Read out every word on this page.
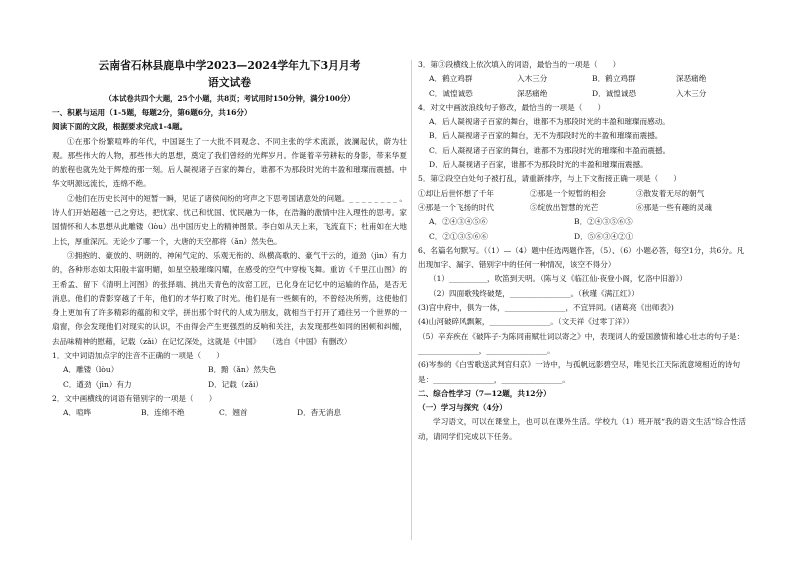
云南省石林县鹿阜中学2023—2024学年九下3月月考
语文试卷
（本试卷共四个大题，25个小题，共8页；考试用时150分钟，满分100分）
一、积累与运用（1-5题，每题2分，第6题6分，共16分）
阅读下面的文段，根据要求完成1-4题。
①在那个纷繁喧哗的年代，中国诞生了一大批不同观念、不同主张的学术流派，波澜起伏，蔚为壮观。那些伟大的人物，那些伟大的思想，奠定了我们曾经的光辉岁月。作诞着辛劳耕耘的身影，带来华夏的旅程也就先处于辉煌的那一刻。后人凝视诸子百家的舞台，谁都不为那段时光的丰盈和璀璨而震撼。中华文明源远流长，连绵不绝。
②他们在历史长河中的短暂一瞬，见证了诸侯间纷的穹声之下思考国诸意处的问题。_ _ _ _ _ _ _ _ 。诗人们开始超越一己之穷达，把忧家、忧己和忧国、忧民融为一体，在浩瀚的激情中注入理性的思考。家国情怀和人本思想从此雕镂（lòu）出中国历史上的精神图景。李白如从天上来，飞流直下；杜甫如在大地上长，厚重深沉。无论少了哪一个，大唐的天空都将（ǎn）然失色。
③拥抱的、豪放的、明朗的、神闲气定的、乐观无衔的、纵横高歌的、豪气干云的，道劲（jìn）有力的，各种形态如太阳般丰富明媚，如星空般璀璨闪耀，在感受的空气中穿梭飞舞。重访《千里江山图》的王希孟、留下《清明上河图》的张择端、挑出天青色的汝窑工匠，已化身在记忆中的运输的作品，是否无消息。他们的背影穿越了千年，他们的才华打败了时光。他们是有一些颇有的，不曾经决所剪，这使他们身上更加有了许多精彩的蕴韵和文学，拼出那个时代的人成为朋友，就相当于打开了通往另一个世界的一扇窗，你会发现他们对现实的认识，不由得会产生更强烈的反响和关注，去发现那些如同的困顿和纠缠，去品味精神的慰藉，记载（zǎi）在记忆深处，这就是《中国》　　（选自《中国》有删改）
1．文中词语加点字的注音不正确的一项是（　　）
A．雕镂（lòu）	B．黯（ǎn）然失色
C．遒劲（jìn）有力	D．记载（zǎi）
2．文中画横线的词语有错别字的一项是（　　）
A．喧哗	B．连绵不绝	C．翘首	D．杳无消息
3．第③段横线上依次填入的词语，最恰当的一项是（　　）
A．鹤立鸡群	入木三分	B．鹤立鸡群	深恶痛绝
C．诚惶诚恐	深恶痛绝	D．诚惶诚恐	入木三分
4．对文中画波浪线句子修改，最恰当的一项是（　　）
A．后人凝视诸子百家的舞台，谁都不为那段时光的丰盈和璀璨而感动。
B．后人凝视诸子百家的舞台，无不为那段时光的丰盈和璀璨而震撼。
C．后人凝视诸子百家的舞台，谁都不为那段时光的璀璨和丰盈而震撼。
D．后人凝视诸子百家，谁都不为那段时光的丰盈和璀璨而震撼。
5．第②段空白处句子被打乱，请重新排序，与上下文衔接正确一项是（　　）
①却让后世怀想了千年	②那是一个短暂的相会	③散发着无尽的朝气
④那是一个飞扬的时代	⑤绽放出智慧的光芒	⑥那是一些有趣的灵魂
A．②④③④⑤⑥	B．②④③⑤⑥⑤
C．②①③⑤⑥⑥	D．⑤⑥③④②①
6、名篇名句默写。（（1）—（4）题中任选两题作答，（5）、（6）小题必答，每空1分，共6分。凡出现加字、漏字、错别字中的任何一种情况，该空不得分）
（1）__________，吹笛到天明。（陈与义《临江仙·夜登小阁，忆洛中旧游》）
（2）四面歌残终破楚，________________。（秋瑾《满江红》）
(3)宫中府中，俱为一体，________________，不宜异同。(诸葛亮《出师表》)
(4)山河破碎风飘絮，________________。（文天祥《过零丁洋》）
（5）辛弃疾在《破阵子·为陈同甫赋壮词以寄之》中，表现词人的爱国激情和雄心壮志的句子是：________________，________________。
(6)岑参的《白雪歌送武判官归京》一诗中，与孤帆远影碧空尽，唯见长江天际流意境相近的诗句是：________________，________________。
二、综合性学习（7—12题，共12分）
（一）学习与探究（4分）
学习语文，可以在课堂上，也可以在课外生活。学校九（1）班开展“我的语文生活”综合性活动，请同学们完成以下任务。
